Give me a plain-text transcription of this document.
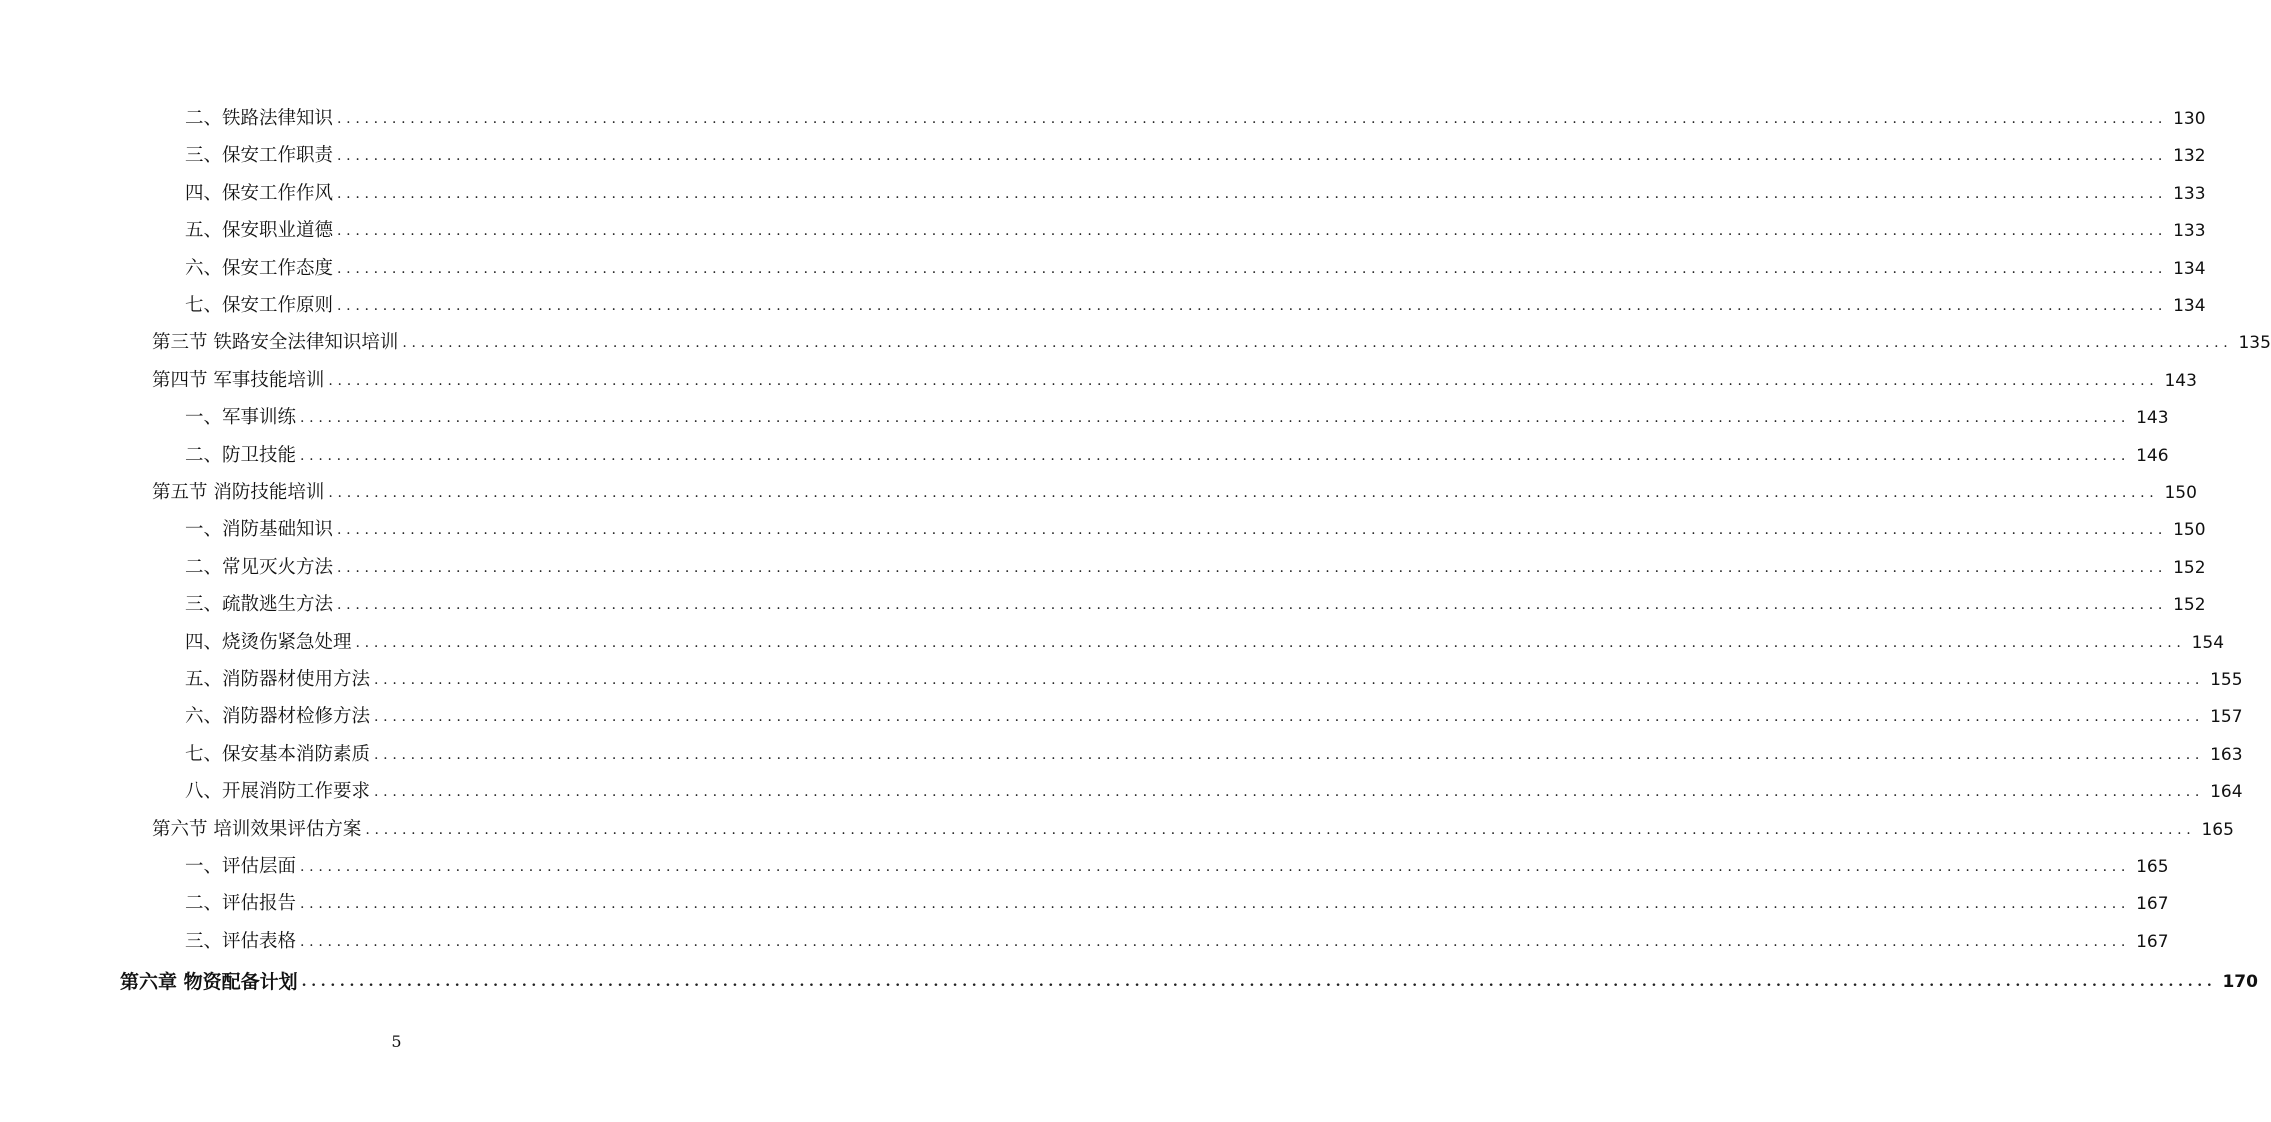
二、铁路法律知识 ........................................................................................................................................................................................................ 130
三、保安工作职责 ........................................................................................................................................................................................................ 132
四、保安工作作风 ........................................................................................................................................................................................................ 133
五、保安职业道德 ........................................................................................................................................................................................................ 133
六、保安工作态度 ........................................................................................................................................................................................................ 134
七、保安工作原则 ........................................................................................................................................................................................................ 134
第三节 铁路安全法律知识培训 ........................................................................................................................................................................................................ 135
第四节 军事技能培训 ........................................................................................................................................................................................................ 143
一、军事训练 ........................................................................................................................................................................................................ 143
二、防卫技能 ........................................................................................................................................................................................................ 146
第五节 消防技能培训 ........................................................................................................................................................................................................ 150
一、消防基础知识 ........................................................................................................................................................................................................ 150
二、常见灭火方法 ........................................................................................................................................................................................................ 152
三、疏散逃生方法 ........................................................................................................................................................................................................ 152
四、烧烫伤紧急处理 ........................................................................................................................................................................................................ 154
五、消防器材使用方法 ........................................................................................................................................................................................................ 155
六、消防器材检修方法 ........................................................................................................................................................................................................ 157
七、保安基本消防素质 ........................................................................................................................................................................................................ 163
八、开展消防工作要求 ........................................................................................................................................................................................................ 164
第六节 培训效果评估方案 ........................................................................................................................................................................................................ 165
一、评估层面 ........................................................................................................................................................................................................ 165
二、评估报告 ........................................................................................................................................................................................................ 167
三、评估表格 ........................................................................................................................................................................................................ 167
第六章 物资配备计划 ........................................................................................................................................................................................................ 170
5
